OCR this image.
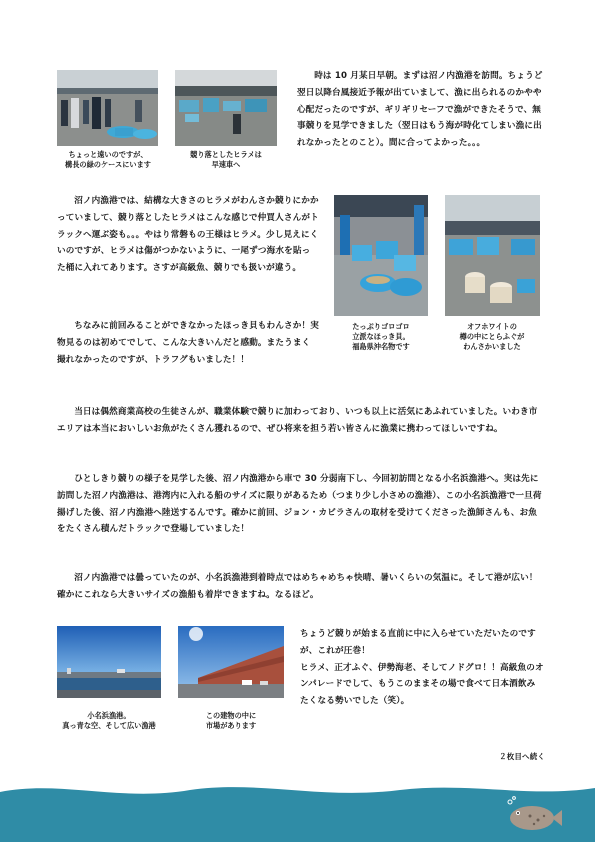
ちょっと遠いのですが、
構長の緑のケースにいます

競り落としたヒラメは
早速車へ

時は 10 月某日早朝。まずは沼ノ内漁港を訪問。ちょうど翌日以降台風接近予報が出ていまして、漁に出られるのかやや心配だったのですが、ギリギリセーフで漁ができたそうで、無事競りを見学できました（翌日はもう海が時化てしまい漁に出れなかったとのこと）。間に合ってよかった。。。

沼ノ内漁港では、結構な大きさのヒラメがわんさか競りにかかっていまして、競り落としたヒラメはこんな感じで仲買人さんがトラックへ運ぶ姿も。。。やはり常磐もの王様はヒラメ。少し見えにくいのですが、ヒラメは傷がつかないように、一尾ずつ海水を貼った桶に入れてあります。さすが高級魚、競りでも扱いが違う。

たっぷりゴロゴロ
立派なほっき貝。
福島県沖名物です

オフホワイトの
樽の中にとらふぐが
わんさかいました

ちなみに前回みることができなかったほっき貝もわんさか！実物見るのは初めてでして、こんな大きいんだと感動。またうまく撮れなかったのですが、トラフグもいました！！

当日は偶然商業高校の生徒さんが、職業体験で競りに加わっており、いつも以上に活気にあふれていました。いわき市エリアは本当においしいお魚がたくさん獲れるので、ぜひ将来を担う若い皆さんに漁業に携わってほしいですね。

ひとしきり競りの様子を見学した後、沼ノ内漁港から車で 30 分弱南下し、今回初訪問となる小名浜漁港へ。実は先に訪問した沼ノ内漁港は、港湾内に入れる船のサイズに限りがあるため（つまり少し小さめの漁港）、この小名浜漁港で一旦荷揚げした後、沼ノ内漁港へ陸送するんです。確かに前回、ジョン・カビラさんの取材を受けてくださった漁師さんも、お魚をたくさん積んだトラックで登場していました！

沼ノ内漁港では曇っていたのが、小名浜漁港到着時点ではめちゃめちゃ快晴、暑いくらいの気温に。そして港が広い！確かにこれなら大きいサイズの漁船も着岸できますね。なるほど。

小名浜漁港。
真っ青な空、そして広い漁港

この建物の中に
市場があります

ちょうど競りが始まる直前に中に入らせていただいたのですが、これが圧巻！
ヒラメ、正才ふぐ、伊勢海老、そしてノドグロ！！高級魚のオンパレードでして、もうこのままその場で食べて日本酒飲みたくなる勢いでした（笑）。

２枚目へ続く
